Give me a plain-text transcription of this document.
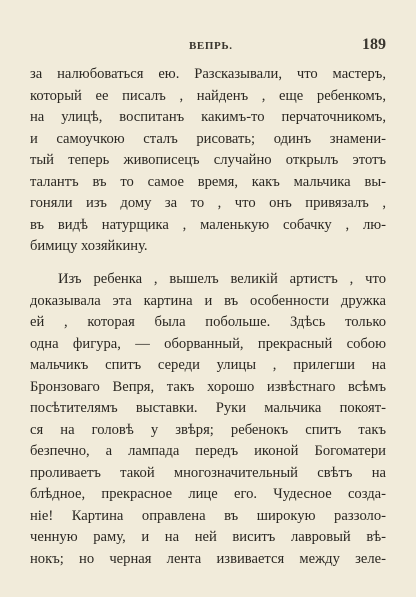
ВЕПРЬ.	189
за налюбоваться ею. Разсказывали, что мастеръ,
который ее писалъ , найденъ , еще ребенкомъ,
на улицѣ, воспитанъ какимъ-то перчаточникомъ,
и самоучкою сталъ рисовать; одинъ знамени-
тый теперь живописецъ случайно открылъ этотъ
талантъ въ то самое время, какъ мальчика вы-
гоняли изъ дому за то , что онъ привязалъ ,
въ видѣ натурщика , маленькую собачку , лю-
бимицу хозяйкину.
Изъ ребенка , вышелъ великій артистъ , что
доказывала эта картина и въ особенности дружка
ей , которая была побольше. Здѣсь только
одна фигура, — оборванный, прекрасный собою
мальчикъ спитъ середи улицы , прилегши на
Бронзоваго Вепря, такъ хорошо извѣстнаго всѣмъ
посѣтителямъ выставки. Руки мальчика покоят-
ся на головѣ у звѣря; ребенокъ спитъ такъ
безпечно, а лампада передъ иконой Богоматери
проливаетъ такой многозначительный свѣтъ на
блѣдное, прекрасное лице его. Чудесное созда-
ніе! Картина оправлена въ широкую раззоло-
ченную раму, и на ней виситъ лавровый вѣ-
нокъ; но черная лента извивается между зеле-
